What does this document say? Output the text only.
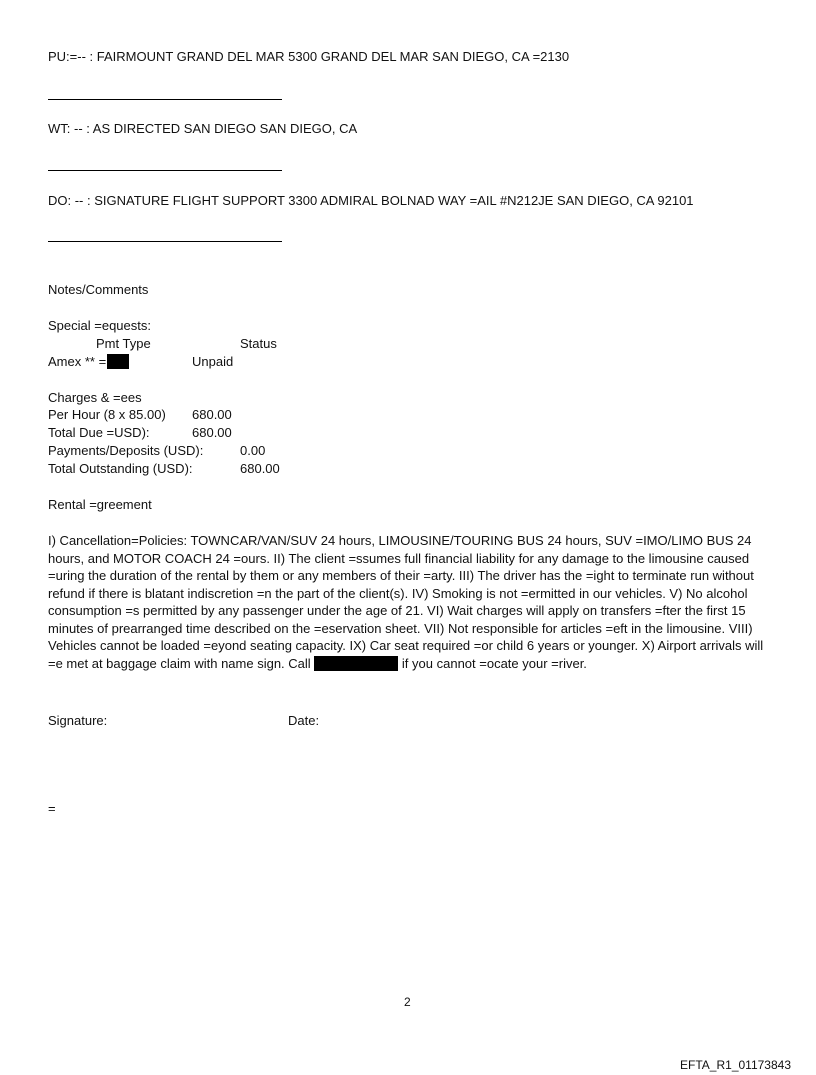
PU:=-- : FAIRMOUNT GRAND DEL MAR 5300 GRAND DEL MAR SAN DIEGO, CA =2130
WT: -- : AS DIRECTED SAN DIEGO SAN DIEGO, CA
DO: -- : SIGNATURE FLIGHT SUPPORT 3300 ADMIRAL BOLNAD WAY =AIL #N212JE SAN DIEGO, CA 92101
Notes/Comments
Special =equests:
Pmt Type	Status
Amex ** =	Unpaid
Charges & =ees
Per Hour (8 x 85.00) 680.00
Total Due =USD):	680.00
Payments/Deposits (USD):	0.00
Total Outstanding (USD):	680.00
Rental =greement
I) Cancellation=Policies: TOWNCAR/VAN/SUV 24 hours, LIMOUSINE/TOURING BUS 24 hours, SUV =IMO/LIMO BUS 24 hours, and MOTOR COACH 24 =ours. II) The client =ssumes full financial liability for any damage to the limousine caused =uring the duration of the rental by them or any members of their =arty. III) The driver has the =ight to terminate run without refund if there is blatant indiscretion =n the part of the client(s). IV) Smoking is not =ermitted in our vehicles. V) No alcohol consumption =s permitted by any passenger under the age of 21. VI) Wait charges will apply on transfers =fter the first 15 minutes of prearranged time described on the =eservation sheet. VII) Not responsible for articles =eft in the limousine. VIII) Vehicles cannot be loaded =eyond seating capacity. IX) Car seat required =or child 6 years or younger. X) Airport arrivals will =e met at baggage claim with name sign. Call	if you cannot =ocate your =river.
Signature:	Date:
=
2
EFTA_R1_01173843
